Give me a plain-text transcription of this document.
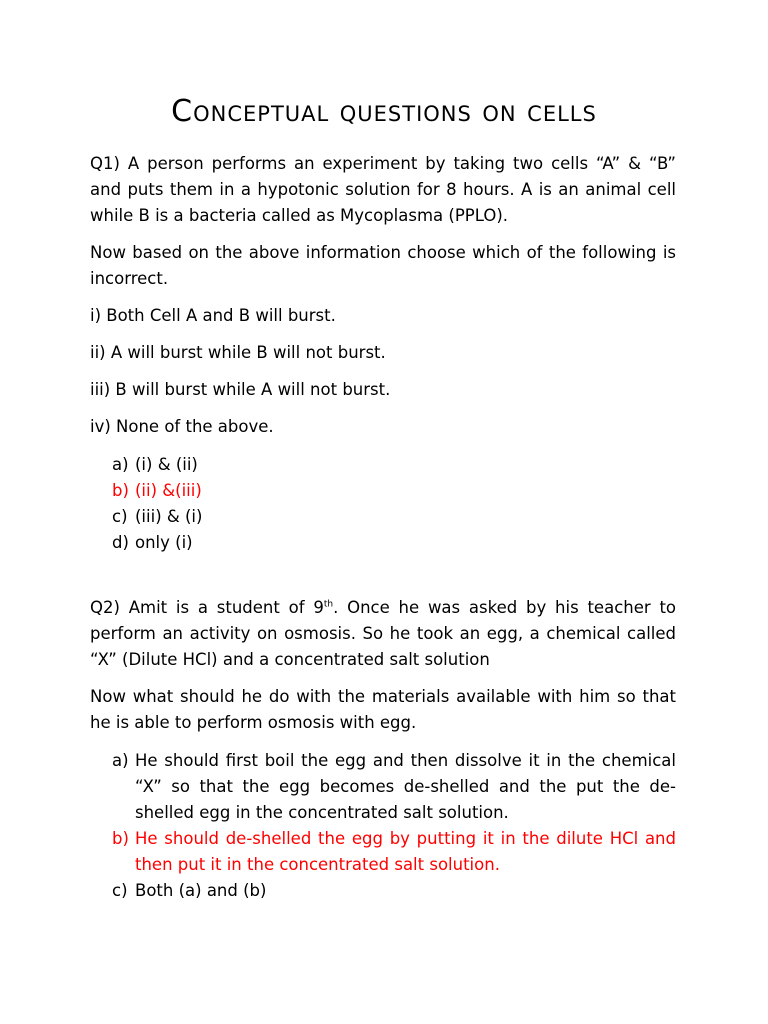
Conceptual questions on cells

Q1) A person performs an experiment by taking two cells “A” & “B” and puts them in a hypotonic solution for 8 hours. A is an animal cell while B is a bacteria called as Mycoplasma (PPLO).

Now based on the above information choose which of the following is incorrect.

i) Both Cell A and B will burst.

ii) A will burst while B will not burst.

iii) B will burst while A will not burst.

iv) None of the above.

a) (i) & (ii)
b) (ii) &(iii)
c) (iii) & (i)
d) only (i)

Q2) Amit is a student of 9th. Once he was asked by his teacher to perform an activity on osmosis. So he took an egg, a chemical called “X” (Dilute HCl) and a concentrated salt solution

Now what should he do with the materials available with him so that he is able to perform osmosis with egg.

a) He should first boil the egg and then dissolve it in the chemical “X” so that the egg becomes de-shelled and the put the de-shelled egg in the concentrated salt solution.
b) He should de-shelled the egg by putting it in the dilute HCl and then put it in the concentrated salt solution.
c) Both (a) and (b)
